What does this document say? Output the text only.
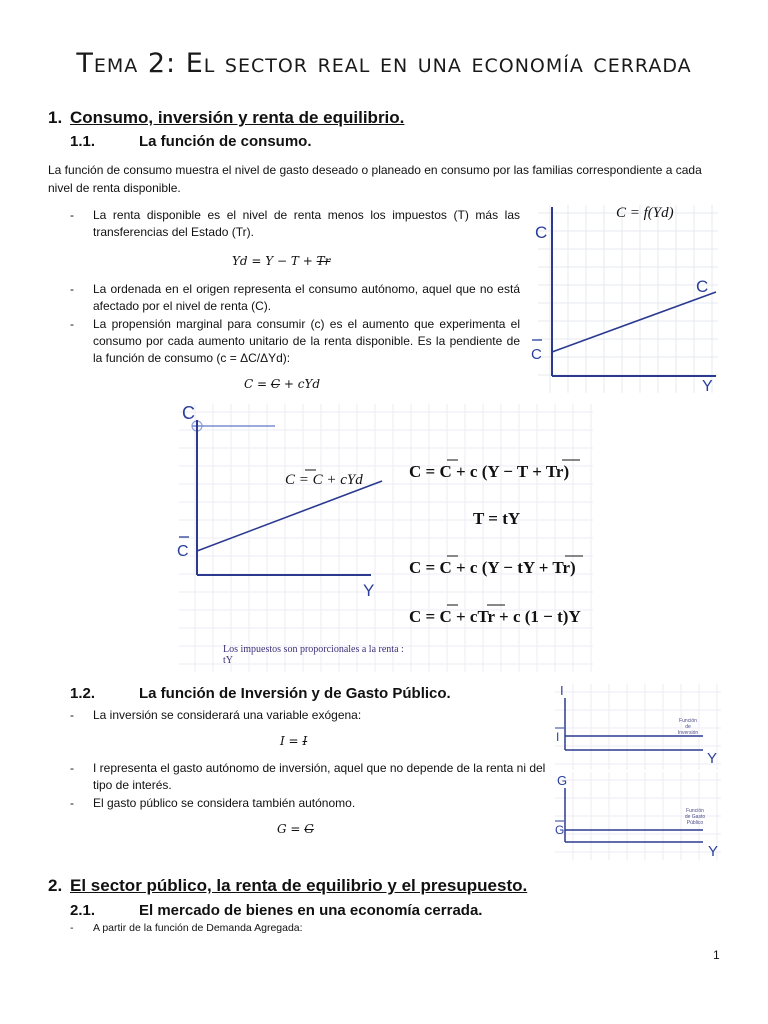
Tema 2: El sector real en una economía cerrada
1. Consumo, inversión y renta de equilibrio.
1.1.	La función de consumo.
La función de consumo muestra el nivel de gasto deseado o planeado en consumo por las familias correspondiente a cada nivel de renta disponible.
- La renta disponible es el nivel de renta menos los impuestos (T) más las transferencias del Estado (Tr).
Yd = Y − T + Tr
- La ordenada en el origen representa el consumo autónomo, aquel que no está afectado por el nivel de renta (C).
- La propensión marginal para consumir (c) es el aumento que experimenta el consumo por cada aumento unitario de la renta disponible. Es la pendiente de la función de consumo (c = ΔC/ΔYd):
C = C + cYd
C = f(Yd)
C
C
C
Y
C
C = C + cYd
C
Y
C = C + c (Y − T + Tr)
T = tY
C = C + c (Y − tY + Tr)
C = C + cTr + c (1 − t)Y
Los impuestos son proporcionales a la renta : tY
1.2.	La función de Inversión y de Gasto Público.
- La inversión se considerará una variable exógena:
I = I
- I representa el gasto autónomo de inversión, aquel que no depende de la renta ni del tipo de interés.
- El gasto público se considera también autónomo.
G = G
I
I
Y
Función
de
Inversión
G
G
Y
Función
de Gasto
Público
2. El sector público, la renta de equilibrio y el presupuesto.
2.1.	El mercado de bienes en una economía cerrada.
- A partir de la función de Demanda Agregada:
1
